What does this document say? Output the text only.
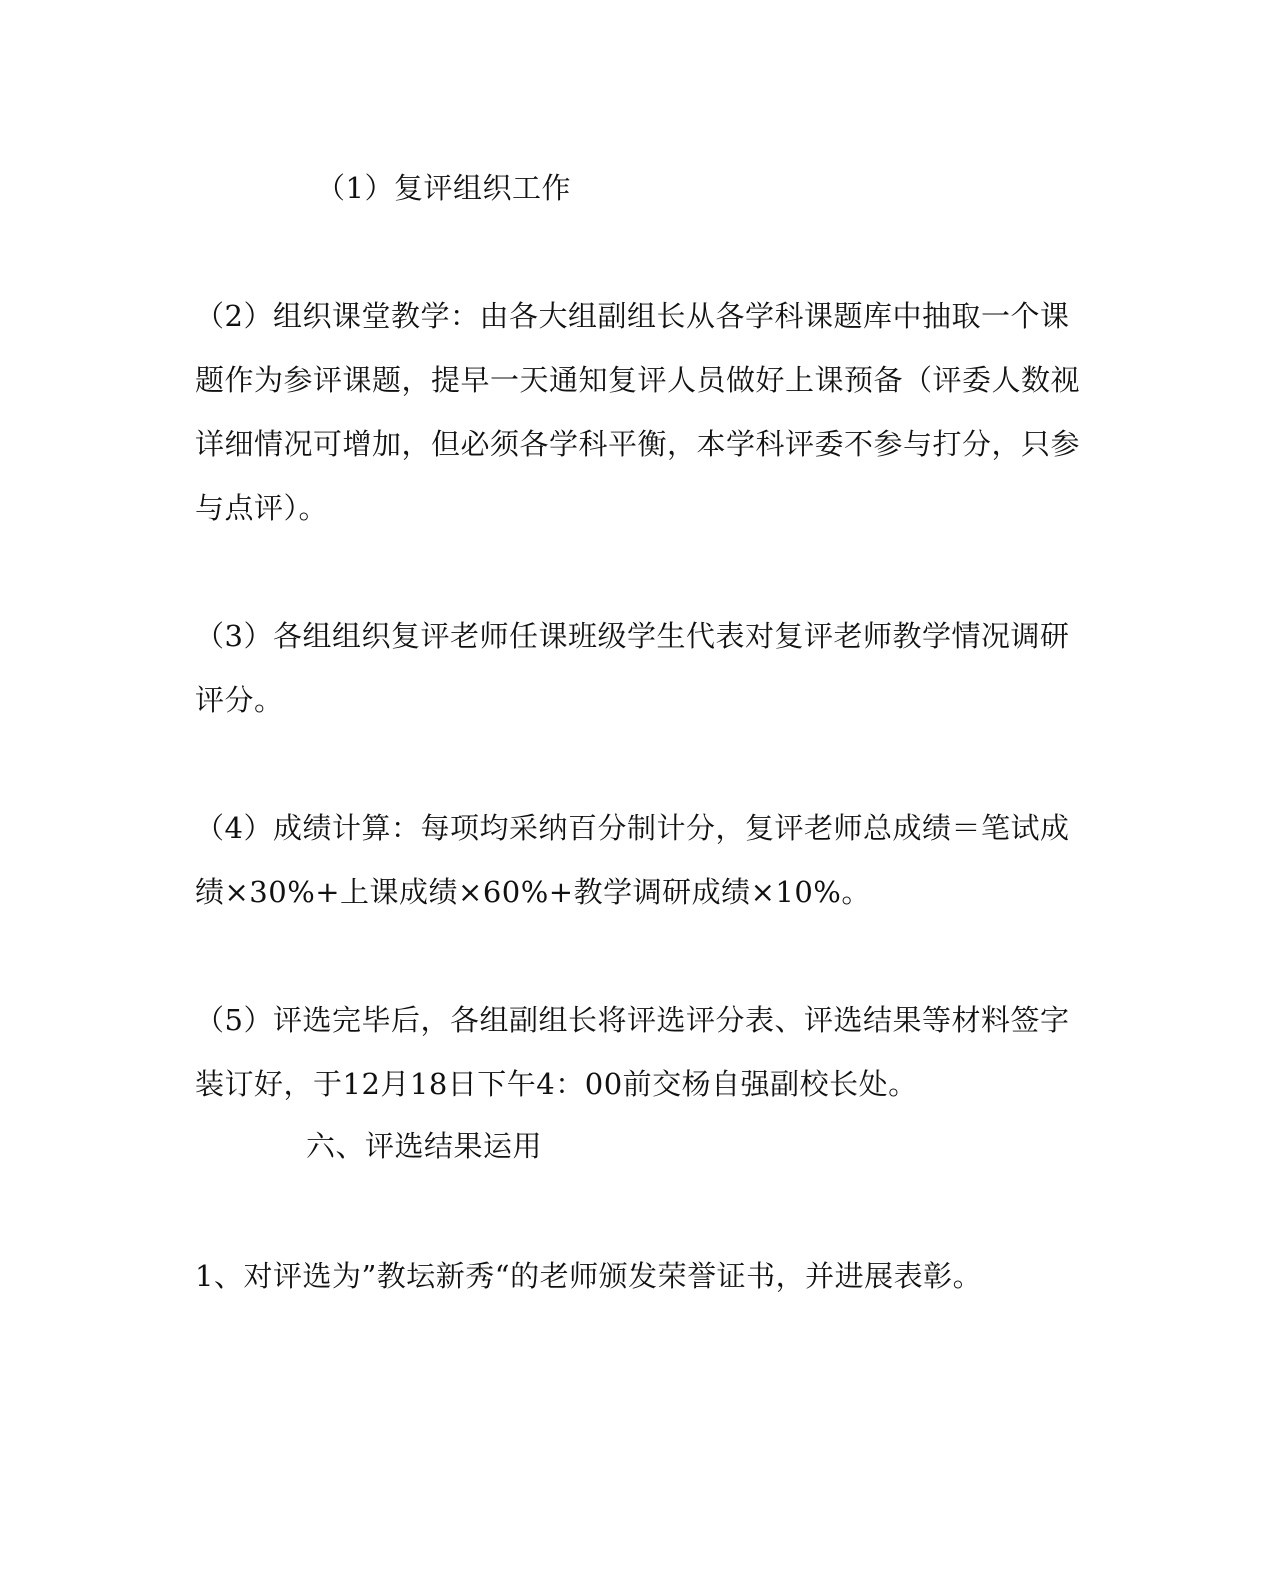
（1）复评组织工作
（2）组织课堂教学：由各大组副组长从各学科课题库中抽取一个课
题作为参评课题，提早一天通知复评人员做好上课预备（评委人数视
详细情况可增加，但必须各学科平衡，本学科评委不参与打分，只参
与点评）。
（3）各组组织复评老师任课班级学生代表对复评老师教学情况调研
评分。
（4）成绩计算：每项均采纳百分制计分，复评老师总成绩＝笔试成
绩×30%+上课成绩×60%+教学调研成绩×10%。
（5）评选完毕后，各组副组长将评选评分表、评选结果等材料签字
装订好，于12月18日下午4：00前交杨自强副校长处。
六、评选结果运用
1、对评选为”教坛新秀“的老师颁发荣誉证书，并进展表彰。
